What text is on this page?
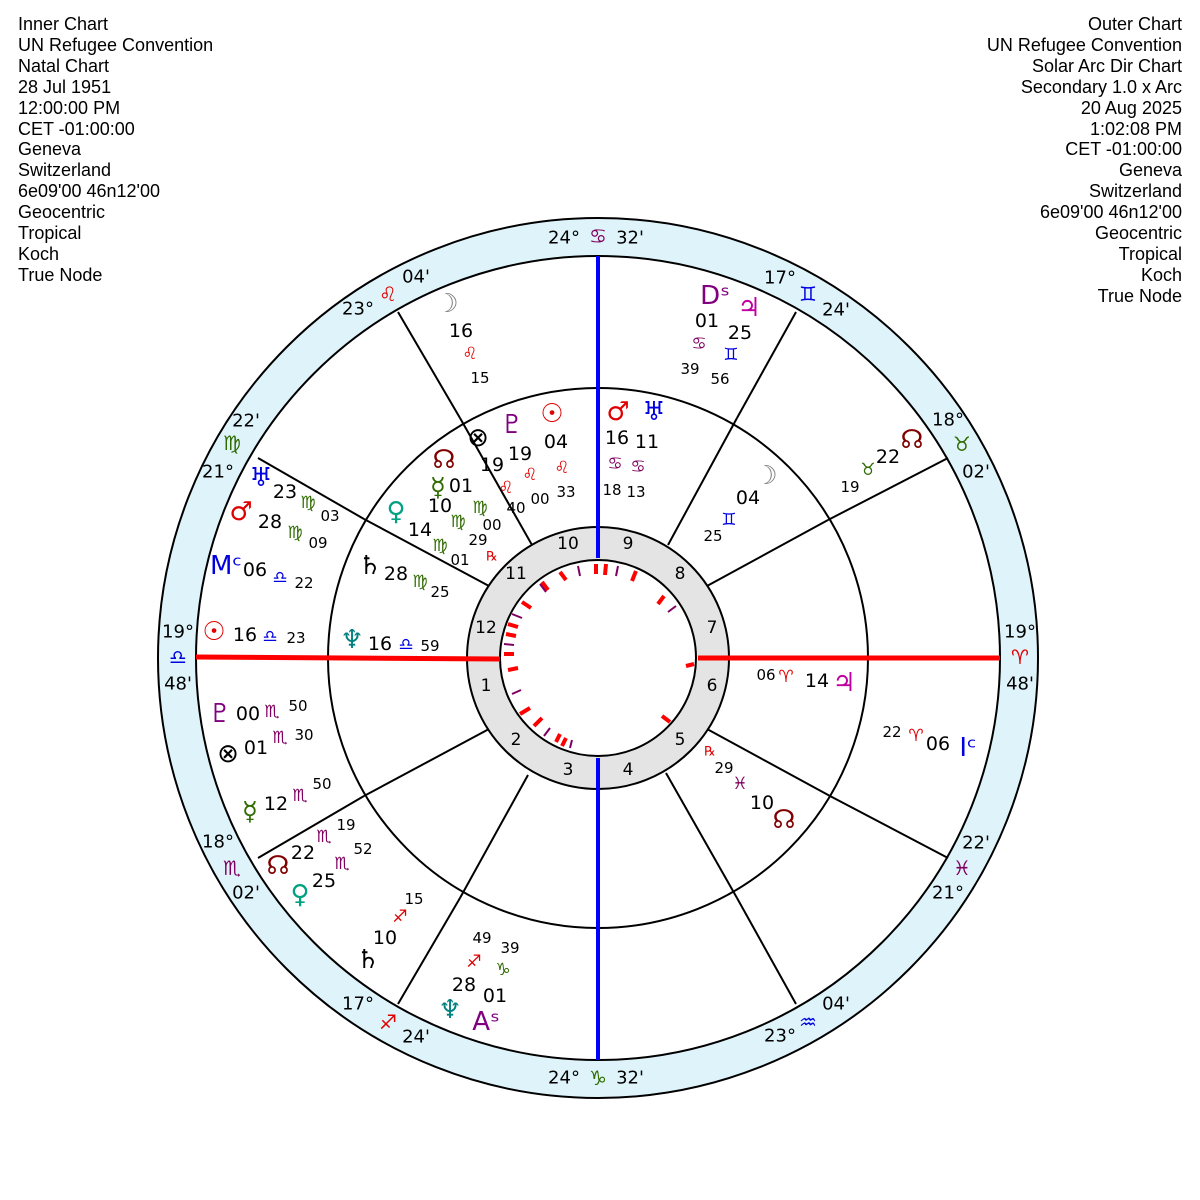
Inner Chart
UN Refugee Convention
Natal Chart
28 Jul 1951
12:00:00 PM
CET -01:00:00
Geneva
Switzerland
6e09'00 46n12'00
Geocentric
Tropical
Koch
True Node
Outer Chart
UN Refugee Convention
Solar Arc Dir Chart
Secondary 1.0 x Arc
20 Aug 2025
1:02:08 PM
CET -01:00:00
Geneva
Switzerland
6e09'00 46n12'00
Geocentric
Tropical
Koch
True Node
1
2
3	4
5
6
7
8
9
10
11
12
24° ♋ 32'
24° ♑ 32'
19°
♎
48'
19°
♈
48'
23°
♌
04'	17°
♊
24'
22'
♍
21°
18°
♉
02'
18°
♏
02'
22'
♓
21°
17°
♐
24'	23°
♒
04'
☽
16
♌
15
Dˢ
01
♋
39
♃
25
♊
56
☊
22
♉
19
♅ 23 ♍
03
♂ 28 ♍ 09
Mᶜ 06 ♎ 22
☉ 16 ♎ 23
♇ 00 ♏ 50
⊗ 01 ♏ 30
☿ 12 ♏
50
☊ 22
♏
19
♀ 25
♏
52
♄
10
♐
15
♆
28
♐
49
Aˢ
01
♑
39
☽
04
♊
25
♃
14
♈
06
Iᶜ
06
♈
22
☊
10
♓
29
℞
♇
19
♌
00
☉
04
♌
33
♂
16
♋
18
♅
11
♋
13
⊗
19
♌
40
☊
01
♍
00
☿
10
♍
29
℞
♀
14
♍
01
♄ 28 ♍ 25
♆ 16 ♎ 59
